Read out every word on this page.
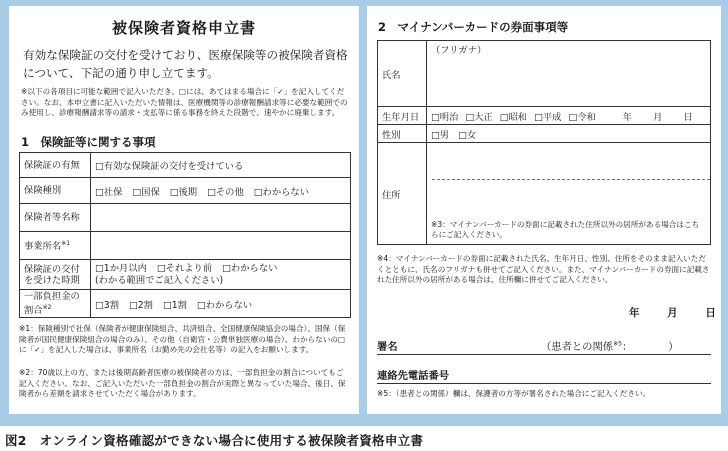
被保険者資格申立書
有効な保険証の交付を受けており、医療保険等の被保険者資格について、下記の通り申し立てます。
※以下の各項目に可能な範囲で記入いただき、□には、あてはまる場合に「✓」を記入してください。なお、本申立書に記入いただいた情報は、医療機関等の診療報酬請求等に必要な範囲でのみ使用し、診療報酬請求等の請求・支払等に係る事務を終えた段階で、速やかに廃棄します。
1　保険証等に関する事項
保険証の有無	□有効な保険証の交付を受けている
保険種別	□社保 □国保 □後期 □その他 □わからない
保険者等名称	
事業所名$^{※1}$	
保険証の交付を受けた時期	□1か月以内 □それより前 □わからない
(わかる範囲でご記入ください)
一部負担金の割合$^{※2}$	□3割 □2割 □1割 □わからない
※1：保険種別で社保（保険者が健康保険組合、共済組合、全国健康保険協会の場合）、国保（保険者が国民健康保険組合の場合のみ）、その他（自衛官・公費単独医療の場合）、わからないの□に「✓」を記入した場合は、事業所名（お勤め先の会社名等）の記入をお願いします。
※2：70歳以上の方、または後期高齢者医療の被保険者の方は、一部負担金の割合についてもご記入ください。なお、ご記入いただいた一部負担金の割合が実際と異なっていた場合、後日、保険者から差額を請求させていただく場合があります。
2　マイナンバーカードの券面事項等
氏名	（フリガナ）
生年月日	□明治 □大正 □昭和 □平成 □令和 年 月 日
性別	□男 □女
住所	※3：マイナンバーカードの券面に記載された住所以外の居所がある場合はこちらにご記入ください。
※4：マイナンバーカードの券面に記載された氏名、生年月日、性別、住所をそのまま記入いただくとともに、氏名のフリガナも併せてご記入ください。また、マイナンバーカードの券面に記載された住所以外の居所がある場合は、住所欄に併せてご記入ください。
年	月	日
署名	（患者との関係$^{※5}$：　　　　）
連絡先電話番号
※5：（患者との関係）欄は、保護者の方等が署名された場合にご記入ください。
図2　オンライン資格確認ができない場合に使用する被保険者資格申立書
